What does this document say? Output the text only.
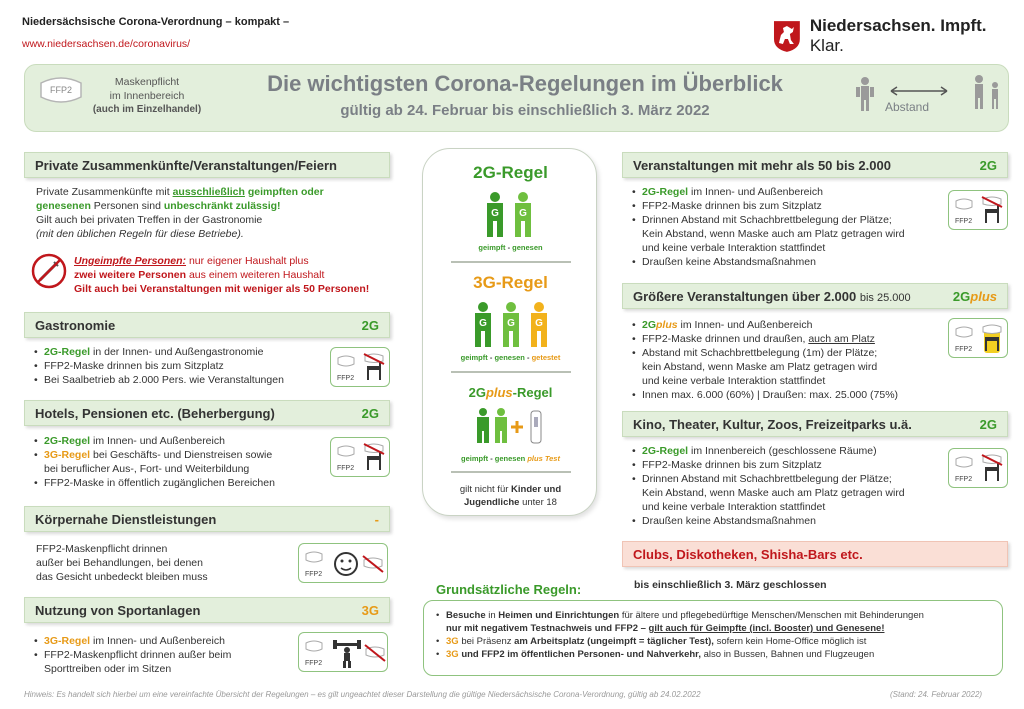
Niedersächsische Corona-Verordnung – kompakt –
www.niedersachsen.de/coronavirus/
Niedersachsen. Impft. Klar.
FFP2
Maskenpflicht
im Innenbereich
(auch im Einzelhandel)
Die wichtigsten Corona-Regelungen im Überblick
gültig ab 24. Februar bis einschließlich 3. März 2022	Abstand
Private Zusammenkünfte/Veranstaltungen/Feiern
Private Zusammenkünfte mit ausschließlich geimpften oder
genesenen Personen sind unbeschränkt zulässig!
Gilt auch bei privaten Treffen in der Gastronomie
(mit den üblichen Regeln für diese Betriebe).
Ungeimpfte Personen: nur eigener Haushalt plus
zwei weitere Personen aus einem weiteren Haushalt
Gilt auch bei Veranstaltungen mit weniger als 50 Personen!
Gastronomie	2G
• 2G-Regel in der Innen- und Außengastronomie
• FFP2-Maske drinnen bis zum Sitzplatz
• Bei Saalbetrieb ab 2.000 Pers. wie Veranstaltungen	FFP2
Hotels, Pensionen etc. (Beherbergung)	2G
• 2G-Regel im Innen- und Außenbereich
• 3G-Regel bei Geschäfts- und Dienstreisen sowie
bei beruflicher Aus-, Fort- und Weiterbildung
• FFP2-Maske in öffentlich zugänglichen Bereichen
FFP2
Körpernahe Dienstleistungen	-
FFP2-Maskenpflicht drinnen
außer bei Behandlungen, bei denen
das Gesicht unbedeckt bleiben muss	FFP2
Nutzung von Sportanlagen	3G
• 3G-Regel im Innen- und Außenbereich
• FFP2-Maskenpflicht drinnen außer beim
Sporttreiben oder im Sitzen	FFP2
2G-Regel
G G
geimpft - genesen
3G-Regel
G G G
geimpft - genesen - getestet
2Gplus-Regel
geimpft - genesen plus Test
gilt nicht für Kinder und
Jugendliche unter 18
Veranstaltungen mit mehr als 50 bis 2.000	2G
• 2G-Regel im Innen- und Außenbereich
• FFP2-Maske drinnen bis zum Sitzplatz
• Drinnen Abstand mit Schachbrettbelegung der Plätze;
Kein Abstand, wenn Maske auch am Platz getragen wird
und keine verbale Interaktion stattfindet
• Draußen keine Abstandsmaßnahmen
FFP2
Größere Veranstaltungen über 2.000 bis 25.000	2Gplus
• 2Gplus im Innen- und Außenbereich
• FFP2-Maske drinnen und draußen, auch am Platz
• Abstand mit Schachbrettbelegung (1m) der Plätze;
kein Abstand, wenn Maske am Platz getragen wird
und keine verbale Interaktion stattfindet
• Innen max. 6.000 (60%) | Draußen: max. 25.000 (75%)
FFP2
Kino, Theater, Kultur, Zoos, Freizeitparks u.ä.	2G
• 2G-Regel im Innenbereich (geschlossene Räume)
• FFP2-Maske drinnen bis zum Sitzplatz
• Drinnen Abstand mit Schachbrettbelegung der Plätze;
Kein Abstand, wenn Maske auch am Platz getragen wird
und keine verbale Interaktion stattfindet
• Draußen keine Abstandsmaßnahmen
FFP2
Clubs, Diskotheken, Shisha-Bars etc.
bis einschließlich 3. März geschlossen
Grundsätzliche Regeln:
• Besuche in Heimen und Einrichtungen für ältere und pflegebedürftige Menschen/Menschen mit Behinderungen
nur mit negativem Testnachweis und FFP2 – gilt auch für Geimpfte (incl. Booster) und Genesene!
• 3G bei Präsenz am Arbeitsplatz (ungeimpft = täglicher Test), sofern kein Home-Office möglich ist
• 3G und FFP2 im öffentlichen Personen- und Nahverkehr, also in Bussen, Bahnen und Flugzeugen
Hinweis: Es handelt sich hierbei um eine vereinfachte Übersicht der Regelungen – es gilt ungeachtet dieser Darstellung die gültige Niedersächsische Corona-Verordnung, gültig ab 24.02.2022	(Stand: 24. Februar 2022)
